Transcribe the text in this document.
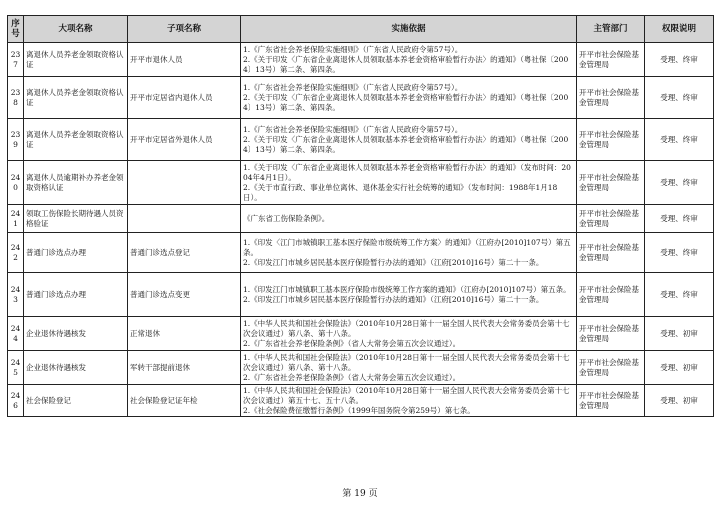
序号	大项名称	子项名称	实施依据	主管部门	权限说明
237	离退休人员养老金领取资格认证	开平市退休人员	1.《广东省社会养老保险实施细则》（广东省人民政府令第57号）。
2.《关于印发〈广东省企业离退休人员领取基本养老金资格审验暂行办法〉的通知》（粤社保〔2004〕13号）第二条、第四条。	开平市社会保险基金管理局	受理、终审
238	离退休人员养老金领取资格认证	开平市定居省内退休人员	1.《广东省社会养老保险实施细则》（广东省人民政府令第57号）。
2.《关于印发〈广东省企业离退休人员领取基本养老金资格审验暂行办法〉的通知》（粤社保〔2004〕13号）第二条、第四条。	开平市社会保险基金管理局	受理、终审
239	离退休人员养老金领取资格认证	开平市定居省外退休人员	1.《广东省社会养老保险实施细则》（广东省人民政府令第57号）。
2.《关于印发〈广东省企业离退休人员领取基本养老金资格审验暂行办法〉的通知》（粤社保〔2004〕13号）第二条、第四条。	开平市社会保险基金管理局	受理、终审
240	离退休人员逾期补办养老金领取资格认证		1.《关于印发〈广东省企业离退休人员领取基本养老金资格审验暂行办法〉的通知》（发布时间：2004年4月1日）。
2.《关于市直行政、事业单位离休、退休基金实行社会统筹的通知》（发布时间：1988年1月18日）。	开平市社会保险基金管理局	受理、终审
241	领取工伤保险长期待遇人员资格验证		《广东省工伤保险条例》。	开平市社会保险基金管理局	受理、终审
242	普通门诊选点办理	普通门诊选点登记	1.《印发〈江门市城镇职工基本医疗保险市级统筹工作方案〉的通知》（江府办[2010]107号）第五条。
2.《印发江门市城乡居民基本医疗保险暂行办法的通知》（江府[2010]16号）第二十一条。	开平市社会保险基金管理局	受理、终审
243	普通门诊选点办理	普通门诊选点变更	1.《印发江门市城镇职工基本医疗保险市级统筹工作方案的通知》（江府办[2010]107号）第五条。
2.《印发江门市城乡居民基本医疗保险暂行办法的通知》（江府[2010]16号）第二十一条。	开平市社会保险基金管理局	受理、终审
244	企业退休待遇核发	正常退休	1.《中华人民共和国社会保险法》（2010年10月28日第十一届全国人民代表大会常务委员会第十七次会议通过）第八条、第十八条。
2.《广东省社会养老保险条例》（省人大常务会第五次会议通过）。	开平市社会保险基金管理局	受理、初审
245	企业退休待遇核发	军转干部提前退休	1.《中华人民共和国社会保险法》（2010年10月28日第十一届全国人民代表大会常务委员会第十七次会议通过）第八条、第十八条。
2.《广东省社会养老保险条例》（省人大常务会第五次会议通过）。	开平市社会保险基金管理局	受理、初审
246	社会保险登记	社会保险登记证年检	1.《中华人民共和国社会保险法》（2010年10月28日第十一届全国人民代表大会常务委员会第十七次会议通过）第五十七、五十八条。
2.《社会保险费征缴暂行条例》（1999年国务院令第259号）第七条。	开平市社会保险基金管理局	受理、初审
第 19 页
